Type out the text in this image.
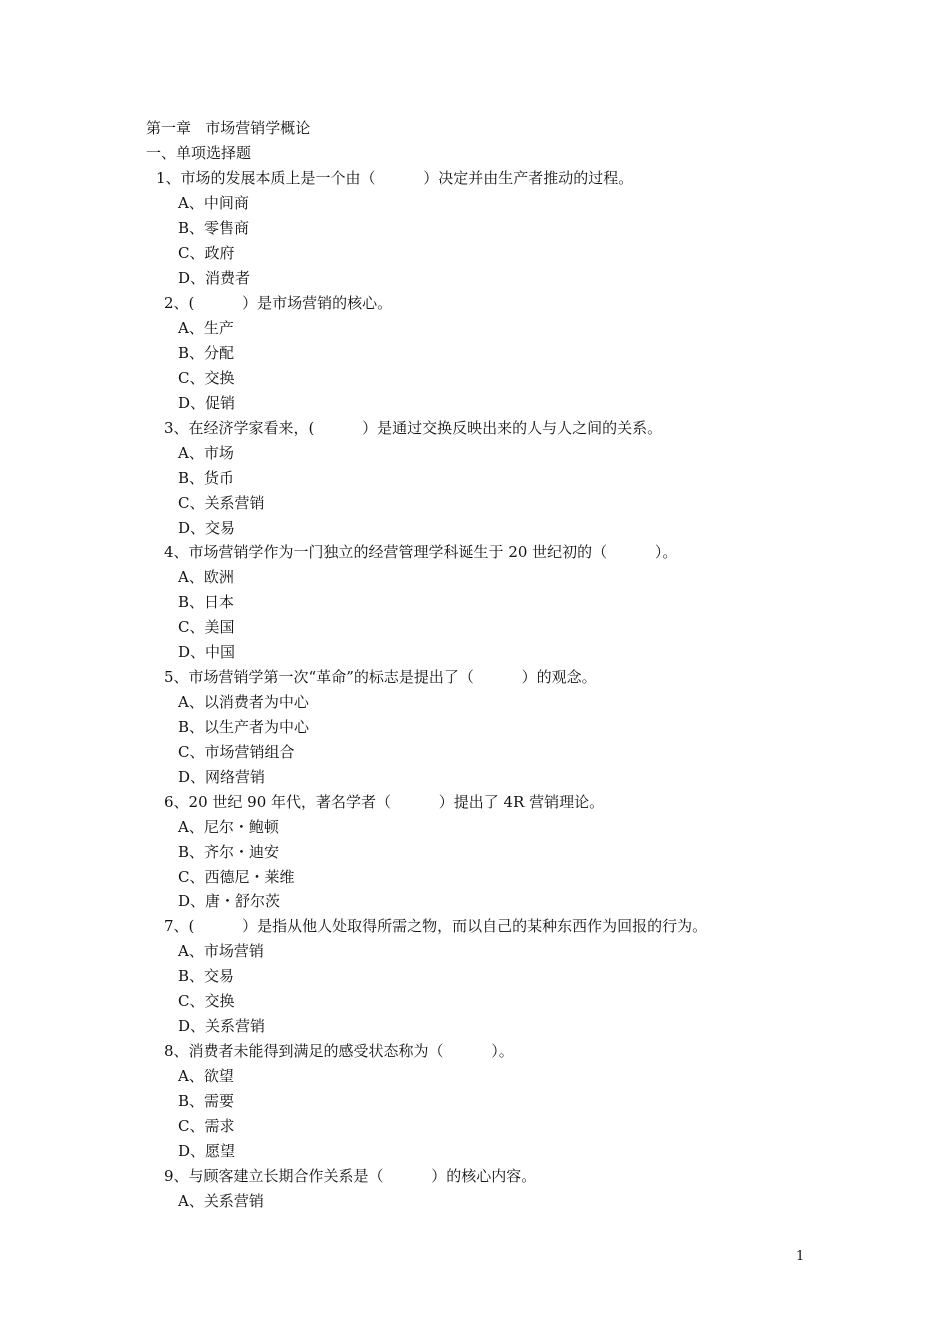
第一章   市场营销学概论
一、单项选择题
1、市场的发展本质上是一个由（          ）决定并由生产者推动的过程。
A、中间商
B、零售商
C、政府
D、消费者
2、(          ）是市场营销的核心。
A、生产
B、分配
C、交换
D、促销
3、在经济学家看来，(          ）是通过交换反映出来的人与人之间的关系。
A、市场
B、货币
C、关系营销
D、交易
4、市场营销学作为一门独立的经营管理学科诞生于 20 世纪初的（          ）。
A、欧洲
B、日本
C、美国
D、中国
5、市场营销学第一次“革命”的标志是提出了（          ）的观念。
A、以消费者为中心
B、以生产者为中心
C、市场营销组合
D、网络营销
6、20 世纪 90 年代，著名学者（          ）提出了 4R 营销理论。
A、尼尔・鲍顿
B、齐尔・迪安
C、西德尼・莱维
D、唐・舒尔茨
7、(          ）是指从他人处取得所需之物，而以自己的某种东西作为回报的行为。
A、市场营销
B、交易
C、交换
D、关系营销
8、消费者未能得到满足的感受状态称为（          ）。
A、欲望
B、需要
C、需求
D、愿望
9、与顾客建立长期合作关系是（          ）的核心内容。
A、关系营销
1
